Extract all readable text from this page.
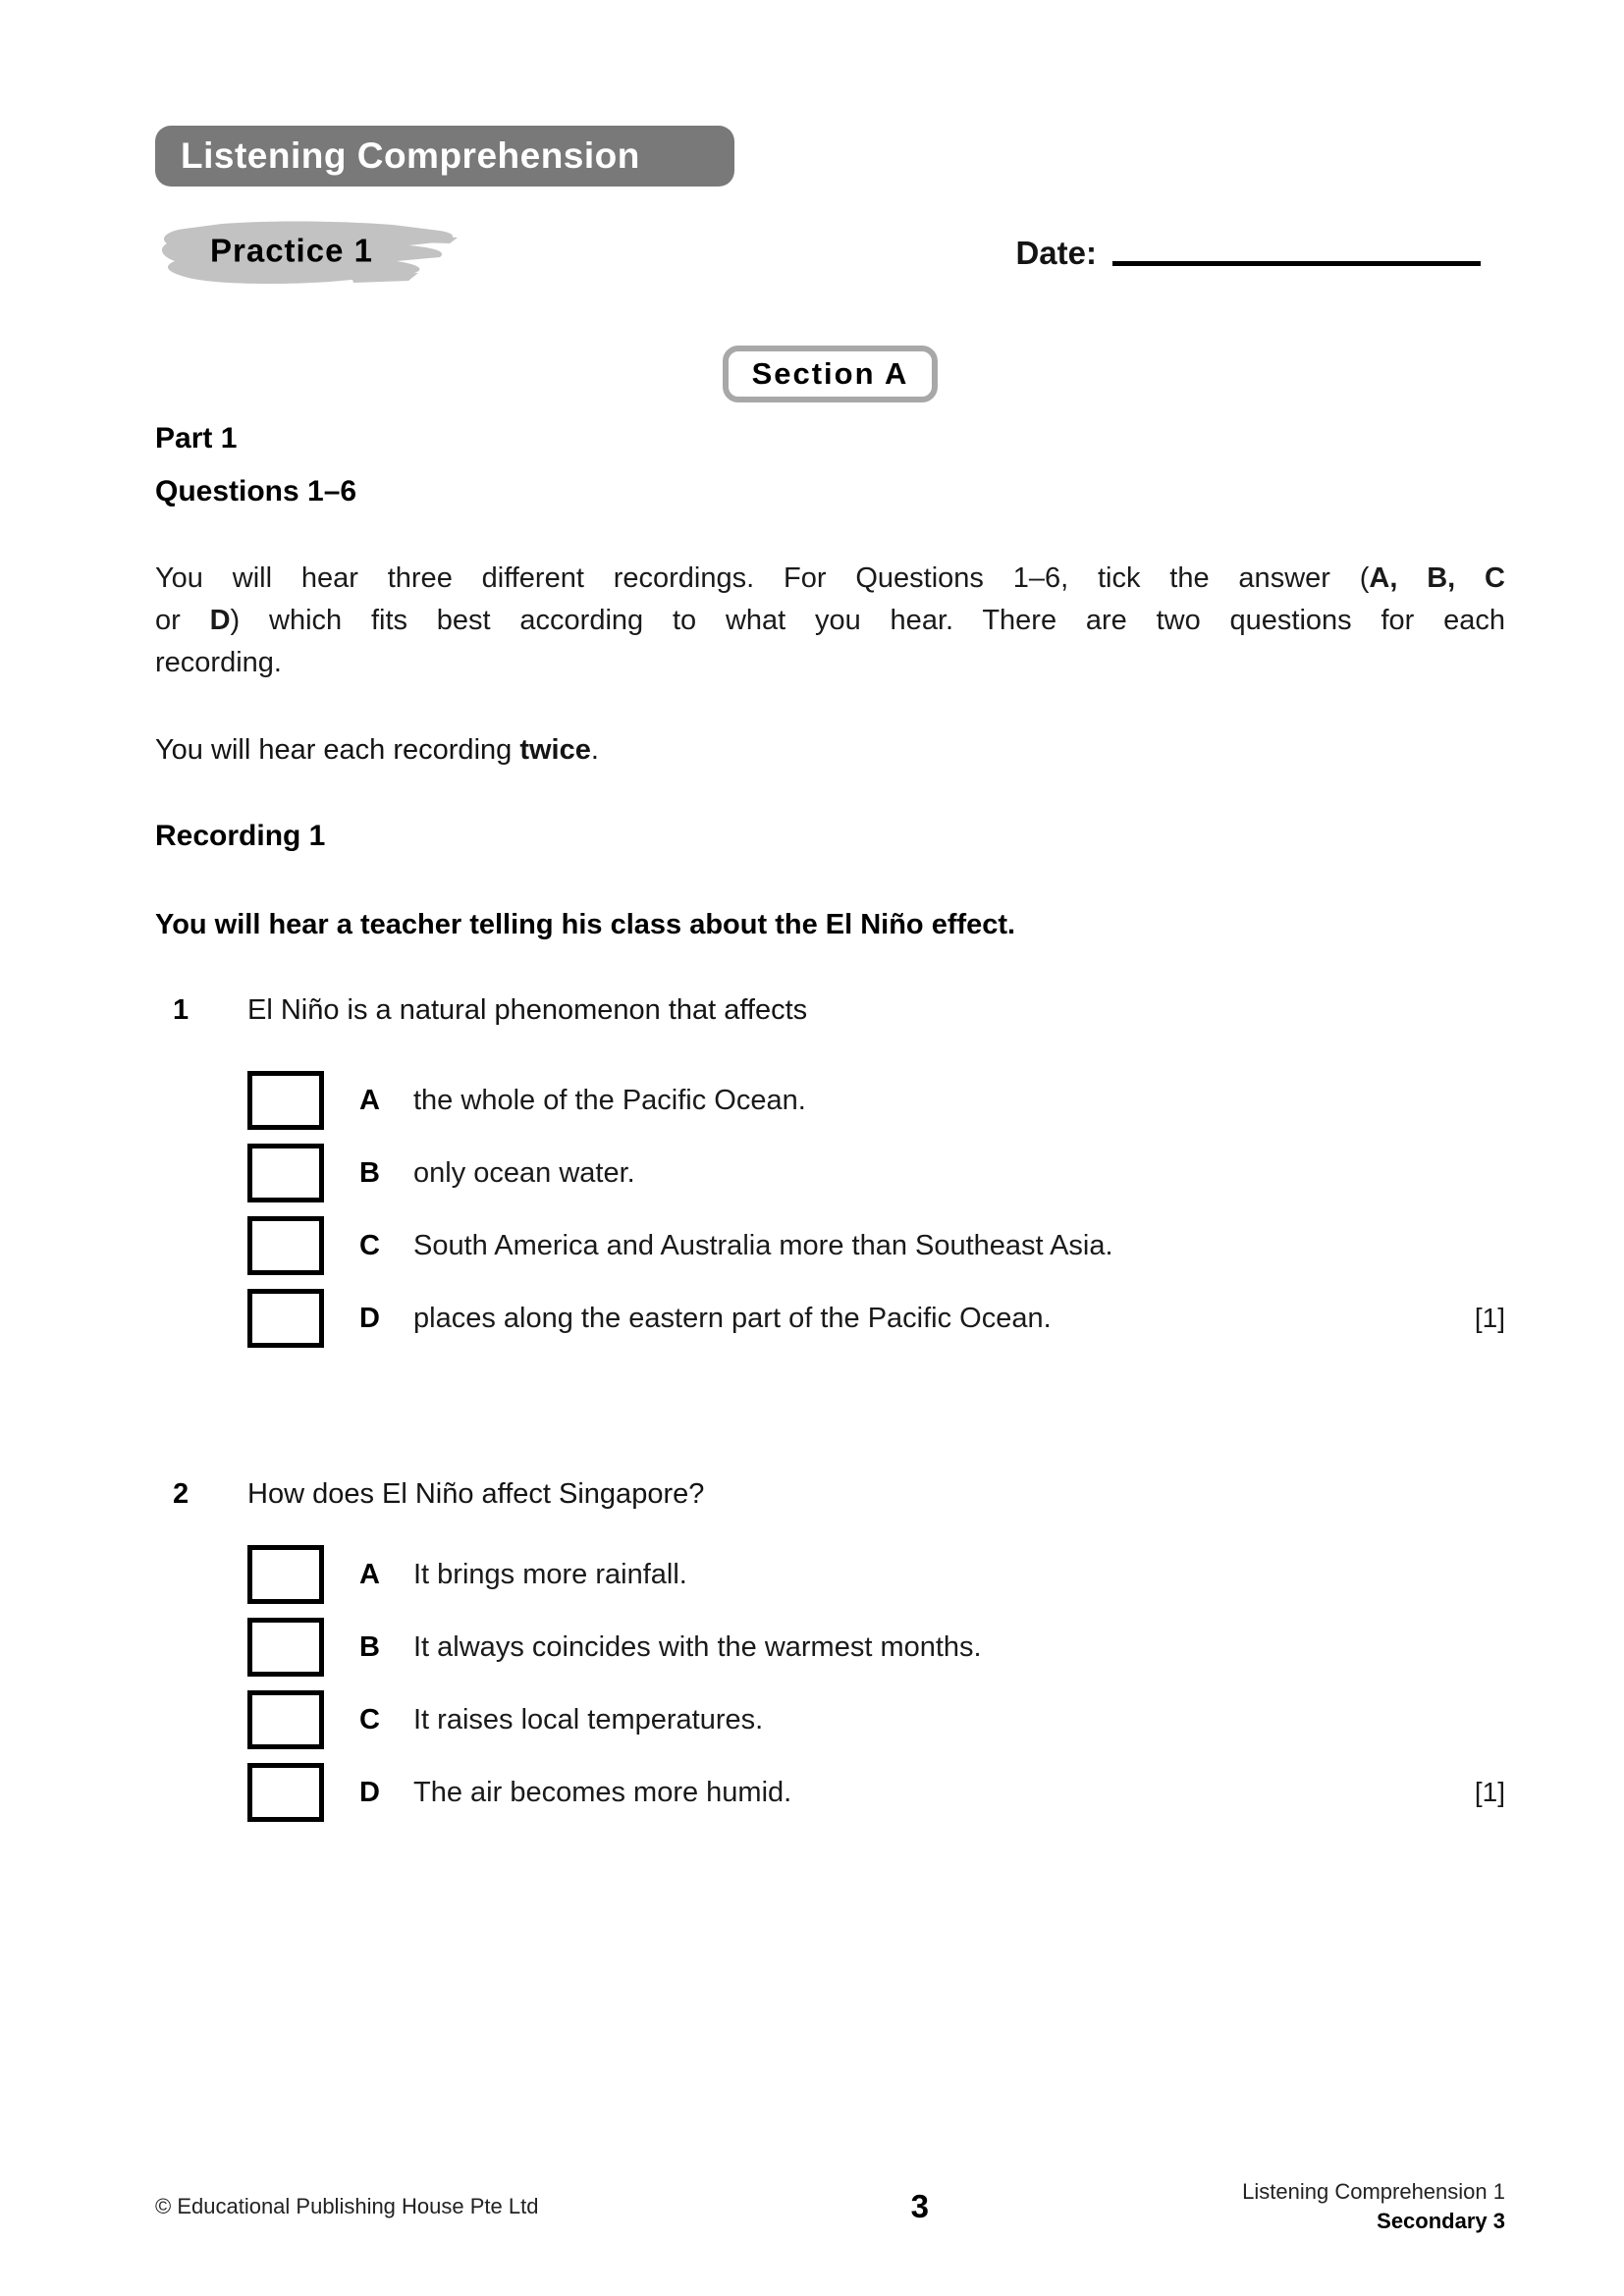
Listening Comprehension
Practice 1	Date:
Section A
Part 1
Questions 1–6
You will hear three different recordings. For Questions 1–6, tick the answer (A, B, C
or D) which fits best according to what you hear. There are two questions for each
recording.
You will hear each recording twice.
Recording 1
You will hear a teacher telling his class about the El Niño effect.
1	El Niño is a natural phenomenon that affects
A	the whole of the Pacific Ocean.
B	only ocean water.
C	South America and Australia more than Southeast Asia.
D	places along the eastern part of the Pacific Ocean.	[1]
2	How does El Niño affect Singapore?
A	It brings more rainfall.
B	It always coincides with the warmest months.
C	It raises local temperatures.
D	The air becomes more humid.	[1]
© Educational Publishing House Pte Ltd	3	Listening Comprehension 1
Secondary 3
